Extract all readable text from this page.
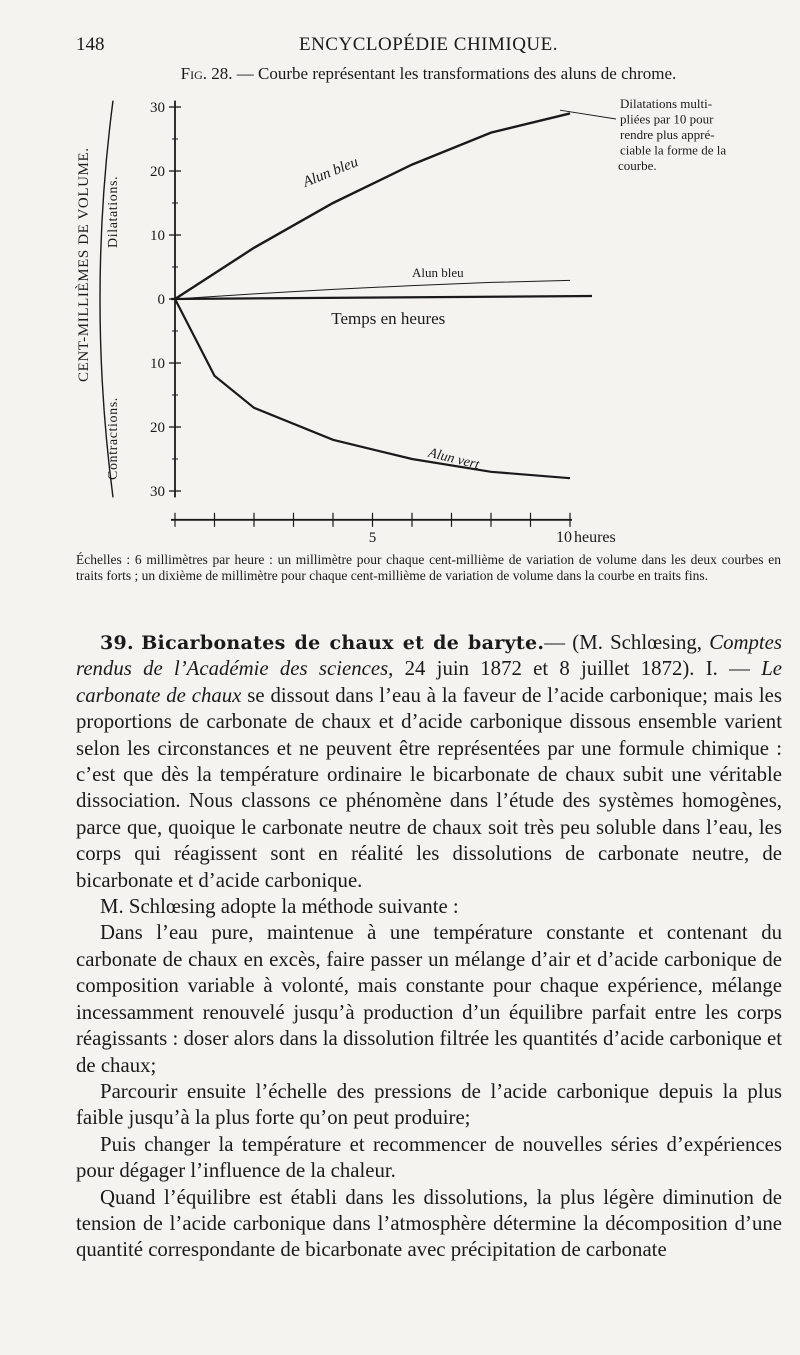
148	ENCYCLOPÉDIE CHIMIQUE.
Fig. 28. — Courbe représentant les transformations des aluns de chrome.
30
20
10
0
10
20
30
5	10 heures
Temps en heures
Alun bleu
Alun bleu
Alun vert
Dilatations multi-
pliées par 10 pour
rendre plus appré-
ciable la forme de la
courbe.
CENT-MILLIÈMES DE VOLUME. Dilatations.
Contractions.
Échelles : 6 millimètres par heure : un millimètre pour chaque cent-millième de variation de volume dans les deux courbes en traits forts ; un dixième de millimètre pour chaque cent-millième de variation de volume dans la courbe en traits fins.

39. Bicarbonates de chaux et de baryte.— (M. Schlœsing, Comptes rendus de l’Académie des sciences, 24 juin 1872 et 8 juillet 1872). I. — Le carbonate de chaux se dissout dans l’eau à la faveur de l’acide carbonique; mais les proportions de carbonate de chaux et d’acide carbonique dissous ensemble varient selon les circonstances et ne peuvent être représentées par une formule chimique : c’est que dès la température ordinaire le bicarbonate de chaux subit une véritable dissociation. Nous classons ce phénomène dans l’étude des systèmes homogènes, parce que, quoique le carbonate neutre de chaux soit très peu soluble dans l’eau, les corps qui réagissent sont en réalité les dissolutions de carbonate neutre, de bicarbonate et d’acide carbonique.

M. Schlœsing adopte la méthode suivante :

Dans l’eau pure, maintenue à une température constante et contenant du carbonate de chaux en excès, faire passer un mélange d’air et d’acide carbonique de composition variable à volonté, mais constante pour chaque expérience, mélange incessamment renouvelé jusqu’à production d’un équilibre parfait entre les corps réagissants : doser alors dans la dissolution filtrée les quantités d’acide carbonique et de chaux;

Parcourir ensuite l’échelle des pressions de l’acide carbonique depuis la plus faible jusqu’à la plus forte qu’on peut produire;

Puis changer la température et recommencer de nouvelles séries d’expériences pour dégager l’influence de la chaleur.

Quand l’équilibre est établi dans les dissolutions, la plus légère diminution de tension de l’acide carbonique dans l’atmosphère détermine la décomposition d’une quantité correspondante de bicarbonate avec précipitation de carbonate
